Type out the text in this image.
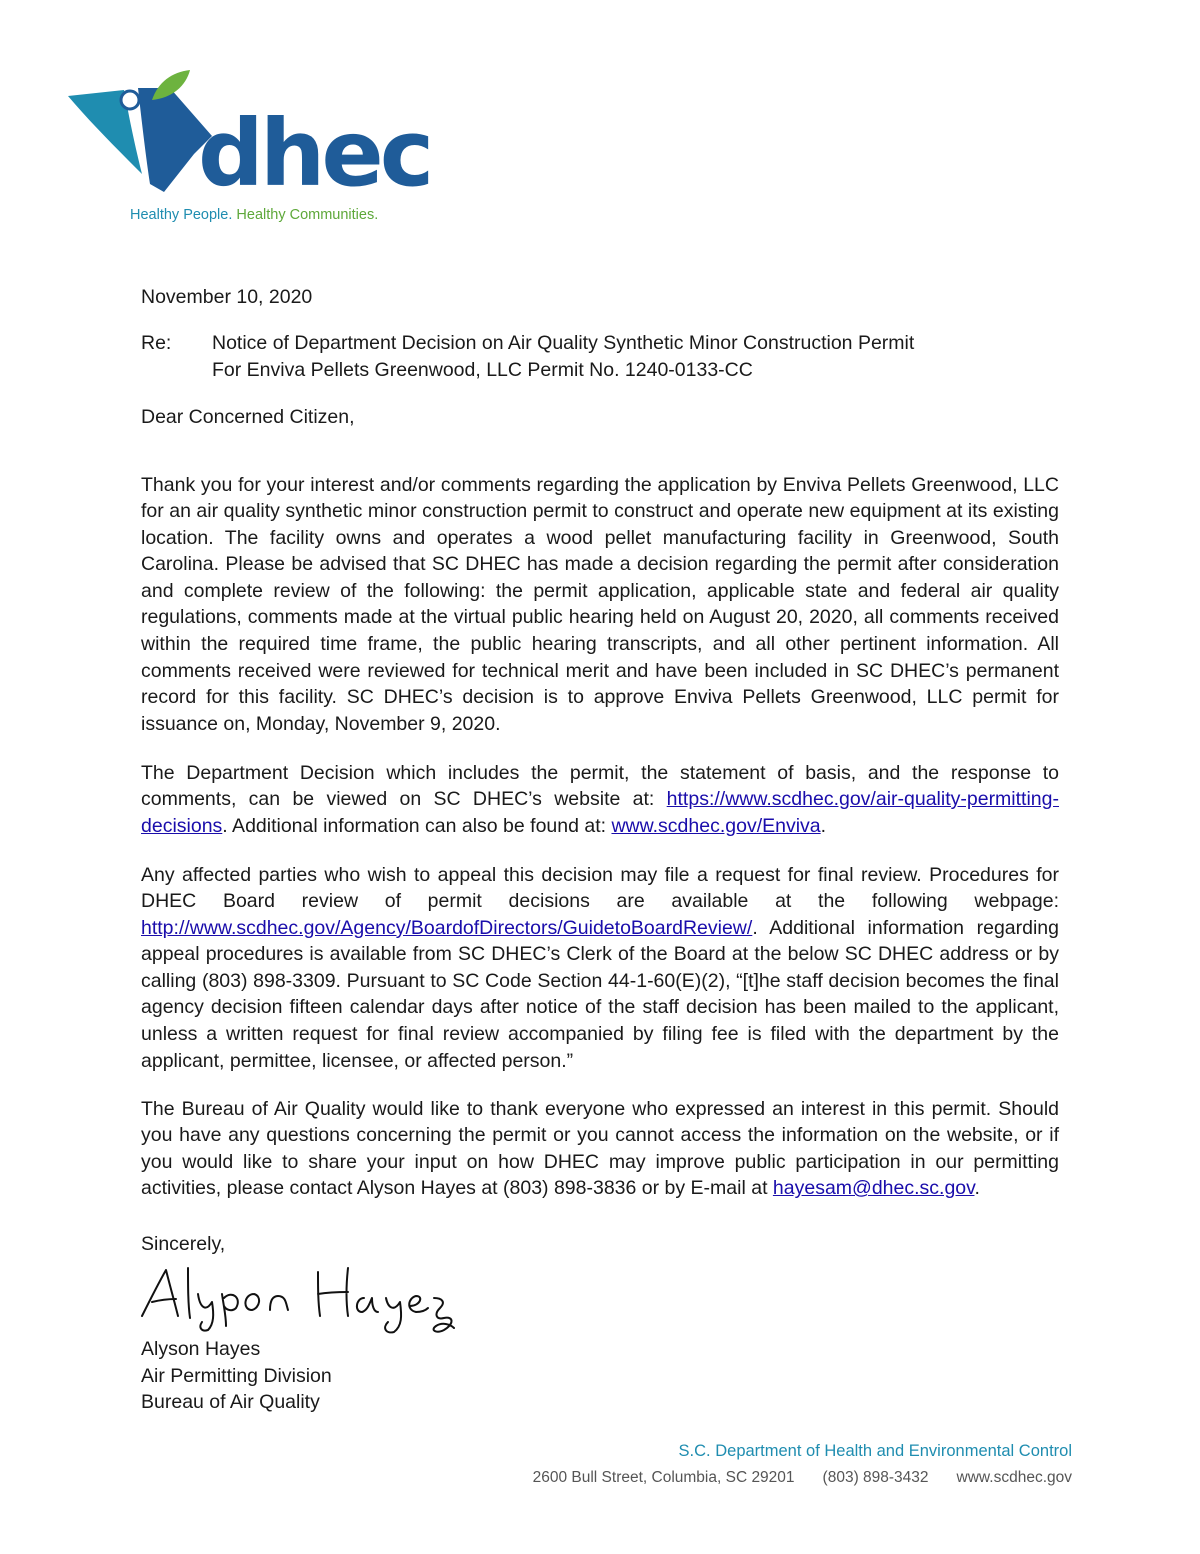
dhec
Healthy People. Healthy Communities.
November 10, 2020
Re:	Notice of Department Decision on Air Quality Synthetic Minor Construction Permit
For Enviva Pellets Greenwood, LLC Permit No. 1240-0133-CC
Dear Concerned Citizen,

Thank you for your interest and/or comments regarding the application by Enviva Pellets Greenwood, LLC for an air quality synthetic minor construction permit to construct and operate new equipment at its existing location. The facility owns and operates a wood pellet manufacturing facility in Greenwood, South Carolina. Please be advised that SC DHEC has made a decision regarding the permit after consideration and complete review of the following: the permit application, applicable state and federal air quality regulations, comments made at the virtual public hearing held on August 20, 2020, all comments received within the required time frame, the public hearing transcripts, and all other pertinent information. All comments received were reviewed for technical merit and have been included in SC DHEC’s permanent record for this facility. SC DHEC’s decision is to approve Enviva Pellets Greenwood, LLC permit for issuance on, Monday, November 9, 2020.

The Department Decision which includes the permit, the statement of basis, and the response to comments, can be viewed on SC DHEC’s website at: https://www.scdhec.gov/air-quality-permitting-decisions. Additional information can also be found at: www.scdhec.gov/Enviva.

Any affected parties who wish to appeal this decision may file a request for final review. Procedures for DHEC Board review of permit decisions are available at the following webpage: http://www.scdhec.gov/Agency/BoardofDirectors/GuidetoBoardReview/. Additional information regarding appeal procedures is available from SC DHEC’s Clerk of the Board at the below SC DHEC address or by calling (803) 898-3309. Pursuant to SC Code Section 44-1-60(E)(2), “[t]he staff decision becomes the final agency decision fifteen calendar days after notice of the staff decision has been mailed to the applicant, unless a written request for final review accompanied by filing fee is filed with the department by the applicant, permittee, licensee, or affected person.”

The Bureau of Air Quality would like to thank everyone who expressed an interest in this permit. Should you have any questions concerning the permit or you cannot access the information on the website, or if you would like to share your input on how DHEC may improve public participation in our permitting activities, please contact Alyson Hayes at (803) 898-3836 or by E-mail at hayesam@dhec.sc.gov.

Sincerely,
Alyson Hayes
Air Permitting Division
Bureau of Air Quality
S.C. Department of Health and Environmental Control
2600 Bull Street, Columbia, SC 29201 (803) 898-3432 www.scdhec.gov
